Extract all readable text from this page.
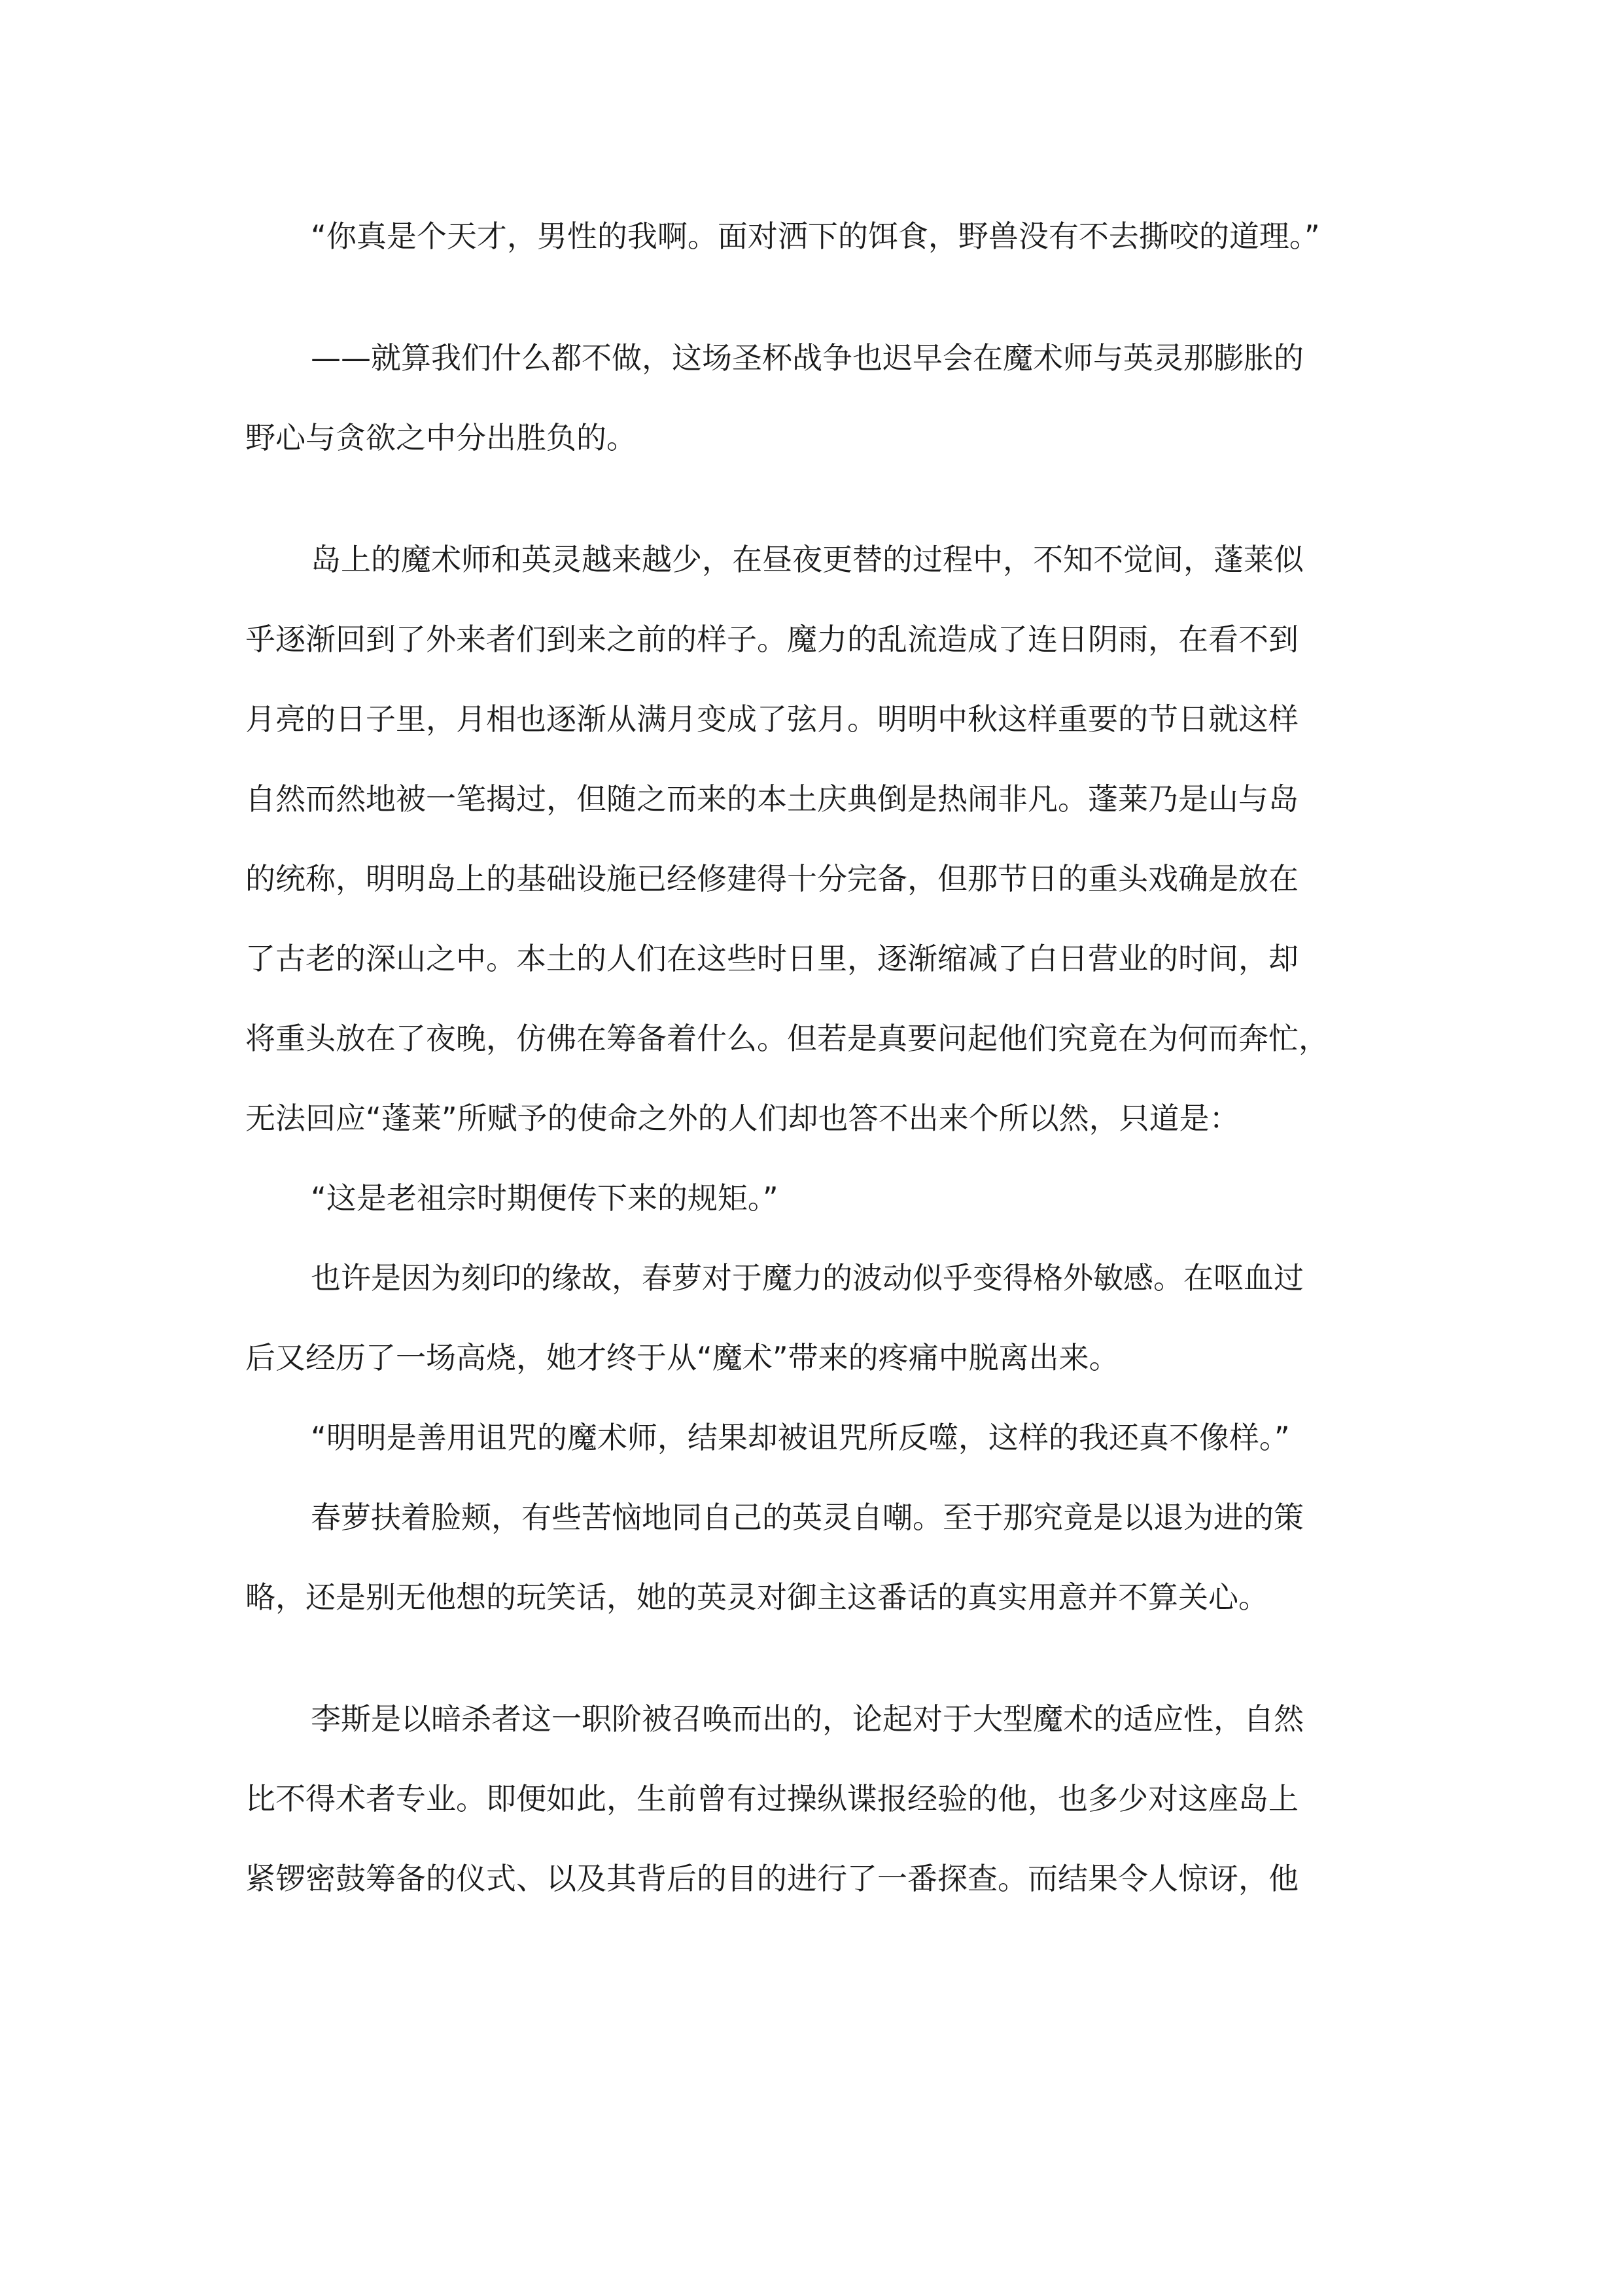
“你真是个天才，男性的我啊。面对洒下的饵食，野兽没有不去撕咬的道理。”
——就算我们什么都不做，这场圣杯战争也迟早会在魔术师与英灵那膨胀的
野心与贪欲之中分出胜负的。
岛上的魔术师和英灵越来越少，在昼夜更替的过程中，不知不觉间，蓬莱似
乎逐渐回到了外来者们到来之前的样子。魔力的乱流造成了连日阴雨，在看不到
月亮的日子里，月相也逐渐从满月变成了弦月。明明中秋这样重要的节日就这样
自然而然地被一笔揭过，但随之而来的本土庆典倒是热闹非凡。蓬莱乃是山与岛
的统称，明明岛上的基础设施已经修建得十分完备，但那节日的重头戏确是放在
了古老的深山之中。本土的人们在这些时日里，逐渐缩减了白日营业的时间，却
将重头放在了夜晚，仿佛在筹备着什么。但若是真要问起他们究竟在为何而奔忙，
无法回应“蓬莱”所赋予的使命之外的人们却也答不出来个所以然，只道是：
“这是老祖宗时期便传下来的规矩。”
也许是因为刻印的缘故，春萝对于魔力的波动似乎变得格外敏感。在呕血过
后又经历了一场高烧，她才终于从“魔术”带来的疼痛中脱离出来。
“明明是善用诅咒的魔术师，结果却被诅咒所反噬，这样的我还真不像样。”
春萝扶着脸颊，有些苦恼地同自己的英灵自嘲。至于那究竟是以退为进的策
略，还是别无他想的玩笑话，她的英灵对御主这番话的真实用意并不算关心。
李斯是以暗杀者这一职阶被召唤而出的，论起对于大型魔术的适应性，自然
比不得术者专业。即便如此，生前曾有过操纵谍报经验的他，也多少对这座岛上
紧锣密鼓筹备的仪式、以及其背后的目的进行了一番探查。而结果令人惊讶，他
